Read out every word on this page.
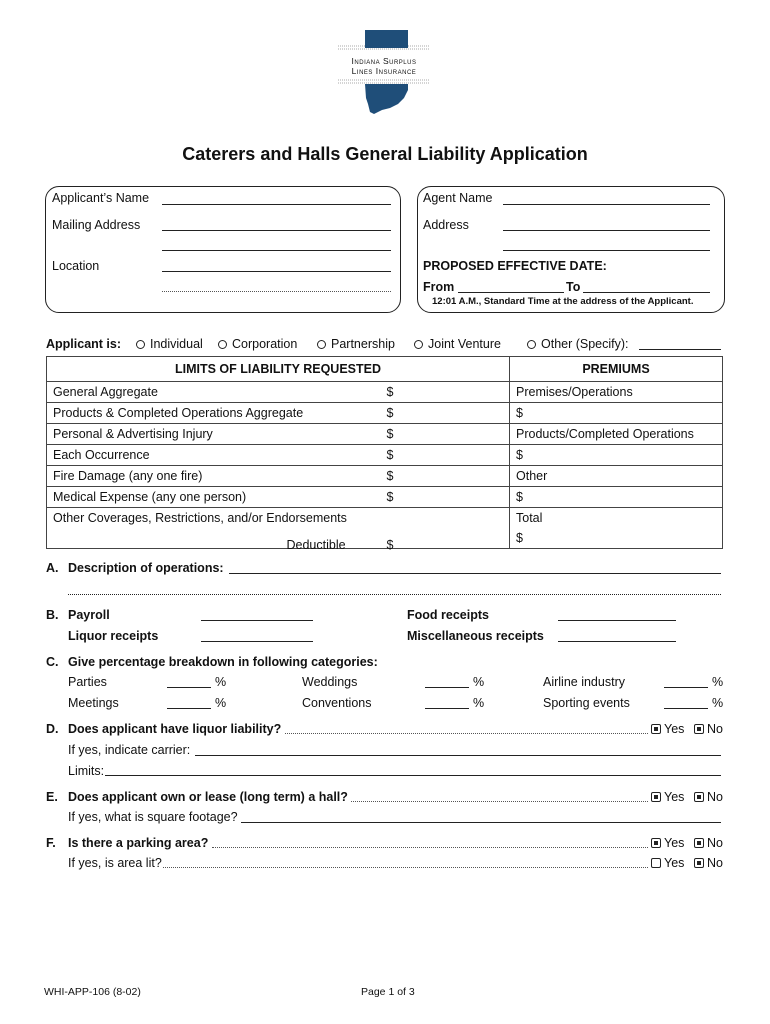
Indiana Surplus
Lines Insurance
Caterers and Halls General Liability Application
Applicant’s Name
Mailing Address
Location
Agent Name
Address
PROPOSED EFFECTIVE DATE:
From	To
12:01 A.M., Standard Time at the address of the Applicant.
Applicant is:	Individual	Corporation	Partnership	Joint Venture	Other (Specify):
LIMITS OF LIABILITY REQUESTED	PREMIUMS
General Aggregate $	Premises/Operations
Products & Completed Operations Aggregate $	$
Personal & Advertising Injury $	Products/Completed Operations
Each Occurrence $	$
Fire Damage (any one fire) $	Other
Medical Expense (any one person) $	$
Other Coverages, Restrictions, and/or Endorsements	Total

Deductible $	$
A. Description of operations:
B. Payroll	Food receipts
Liquor receipts	Miscellaneous receipts
C. Give percentage breakdown in following categories:
Parties	%	Weddings	%	Airline industry	%
Meetings	%	Conventions	%	Sporting events	%
D. Does applicant have liquor liability?	Yes	No
If yes, indicate carrier:
Limits:
E. Does applicant own or lease (long term) a hall?	Yes	No
If yes, what is square footage?
F. Is there a parking area?	Yes	No
If yes, is area lit?	Yes	No
WHI-APP-106 (8-02)	Page 1 of 3
